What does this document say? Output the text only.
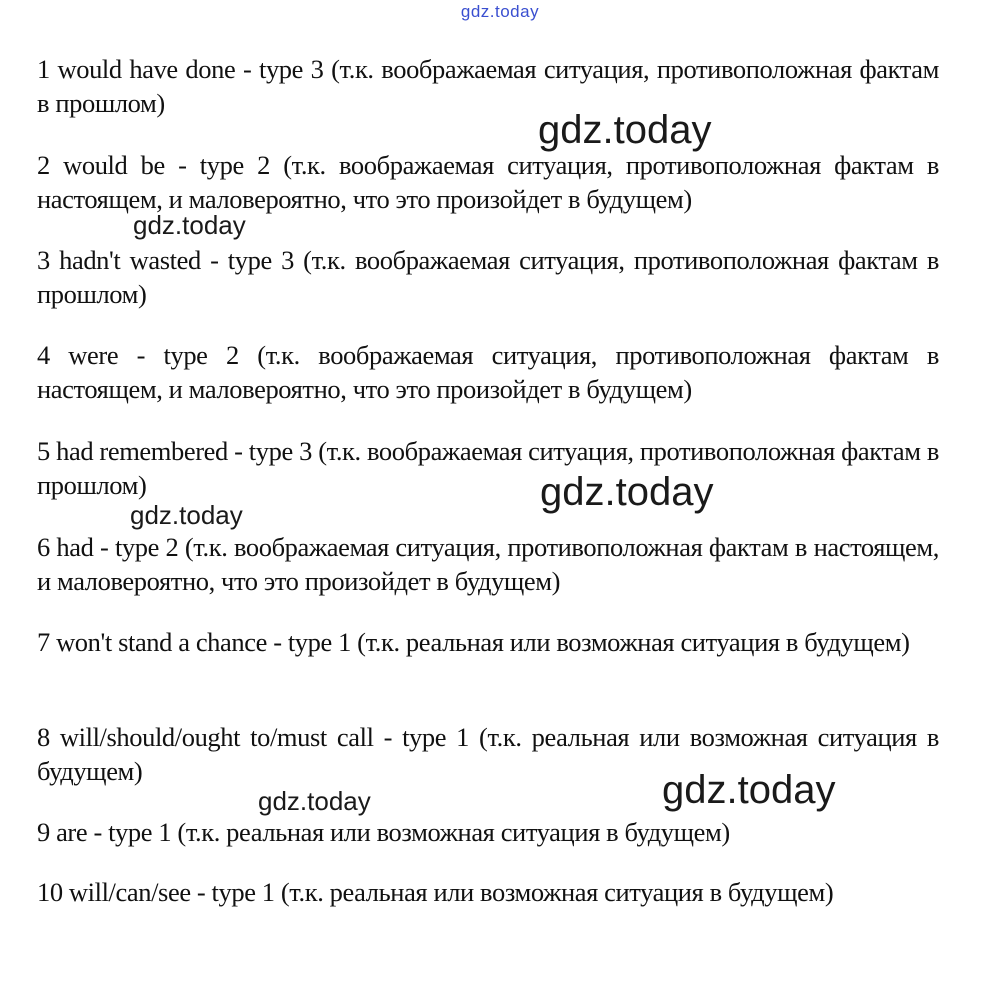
gdz.today

1 would have done - type 3 (т.к. воображаемая ситуация, противоположная фактам в прошлом)

2 would be - type 2 (т.к. воображаемая ситуация, противоположная фактам в настоящем, и маловероятно, что это произойдет в будущем)

3 hadn't wasted - type 3 (т.к. воображаемая ситуация, противоположная фактам в прошлом)

4 were - type 2 (т.к. воображаемая ситуация, противоположная фактам в настоящем, и маловероятно, что это произойдет в будущем)

5 had remembered - type 3 (т.к. воображаемая ситуация, противоположная фактам в прошлом)

6 had - type 2 (т.к. воображаемая ситуация, противоположная фактам в настоящем, и маловероятно, что это произойдет в будущем)

7 won't stand a chance - type 1 (т.к. реальная или возможная ситуация в будущем)

8 will/should/ought to/must call - type 1 (т.к. реальная или возможная ситуация в будущем)

9 are - type 1 (т.к. реальная или возможная ситуация в будущем)

10 will/can/see - type 1 (т.к. реальная или возможная ситуация в будущем)

gdz.today
gdz.today
gdz.today
gdz.today
gdz.today
gdz.today
